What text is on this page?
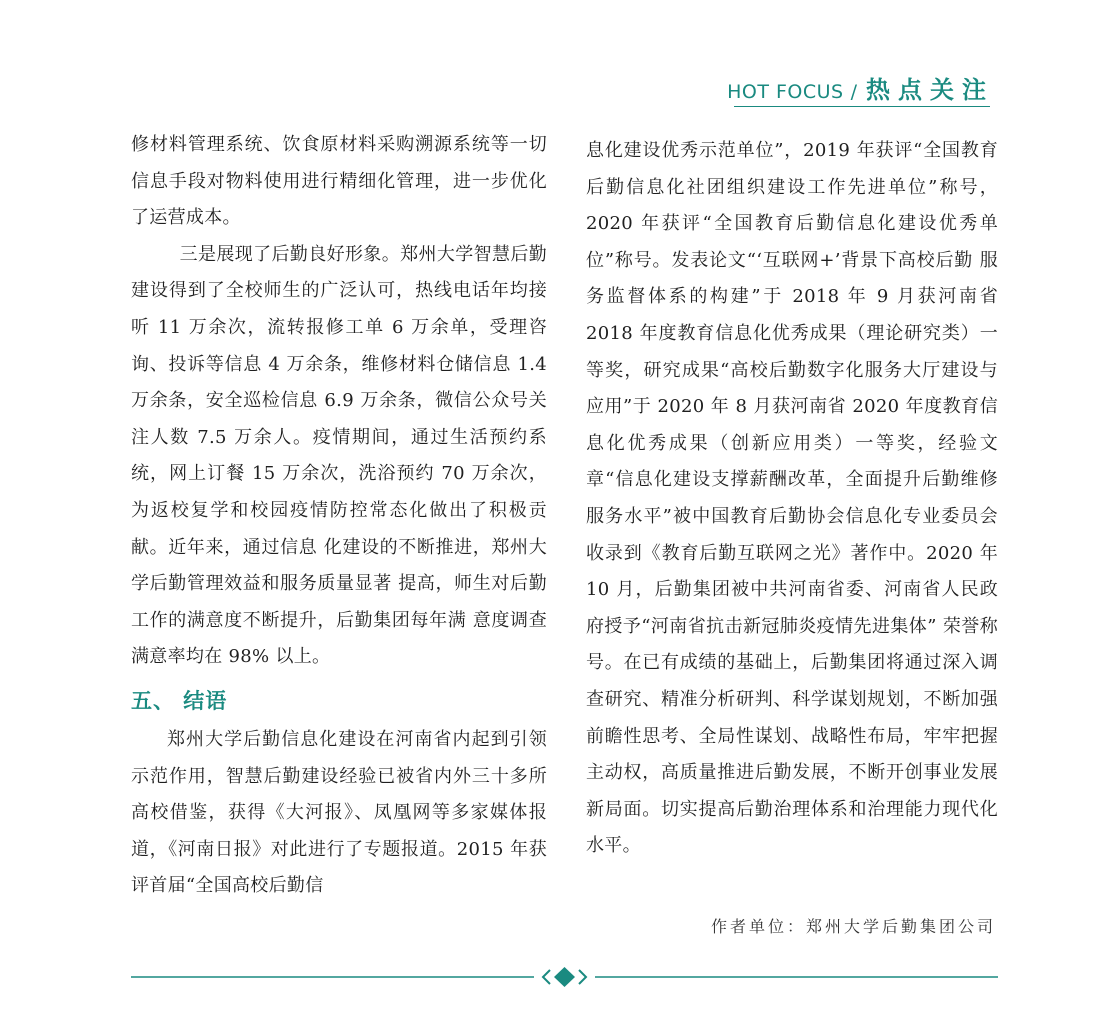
HOT FOCUS / 热点关注

修材料管理系统、饮食原材料采购溯源系统等一切信息手段对物料使用进行精细化管理，进一步优化了运营成本。

三是展现了后勤良好形象。郑州大学智慧后勤建设得到了全校师生的广泛认可，热线电话年均接听 11 万余次，流转报修工单 6 万余单，受理咨询、投诉等信息 4 万余条，维修材料仓储信息 1.4 万余条，安全巡检信息 6.9 万余条，微信公众号关注人数 7.5 万余人。疫情期间，通过生活预约系统，网上订餐 15 万余次，洗浴预约 70 万余次，为返校复学和校园疫情防控常态化做出了积极贡献。近年来，通过信息 化建设的不断推进，郑州大学后勤管理效益和服务质量显著 提高，师生对后勤工作的满意度不断提升，后勤集团每年满 意度调查满意率均在 98% 以上。

五、 结语

郑州大学后勤信息化建设在河南省内起到引领示范作用，智慧后勤建设经验已被省内外三十多所高校借鉴，获得《大河报》、凤凰网等多家媒体报道，《河南日报》对此进行了专题报道。2015 年获评首届“全国高校后勤信

息化建设优秀示范单位”，2019 年获评“全国教育后勤信息化社团组织建设工作先进单位”称号，2020 年获评“全国教育后勤信息化建设优秀单位”称号。发表论文“‘互联网+’背景下高校后勤 服务监督体系的构建”于 2018 年 9 月获河南省 2018 年度教育信息化优秀成果（理论研究类）一等奖，研究成果“高校后勤数字化服务大厅建设与应用”于 2020 年 8 月获河南省 2020 年度教育信息化优秀成果（创新应用类）一等奖，经验文章“信息化建设支撑薪酬改革，全面提升后勤维修服务水平”被中国教育后勤协会信息化专业委员会收录到《教育后勤互联网之光》著作中。2020 年 10 月，后勤集团被中共河南省委、河南省人民政府授予“河南省抗击新冠肺炎疫情先进集体” 荣誉称号。在已有成绩的基础上，后勤集团将通过深入调查研究、精准分析研判、科学谋划规划，不断加强前瞻性思考、全局性谋划、战略性布局，牢牢把握主动权，高质量推进后勤发展，不断开创事业发展新局面。切实提高后勤治理体系和治理能力现代化水平。

作者单位：郑州大学后勤集团公司
